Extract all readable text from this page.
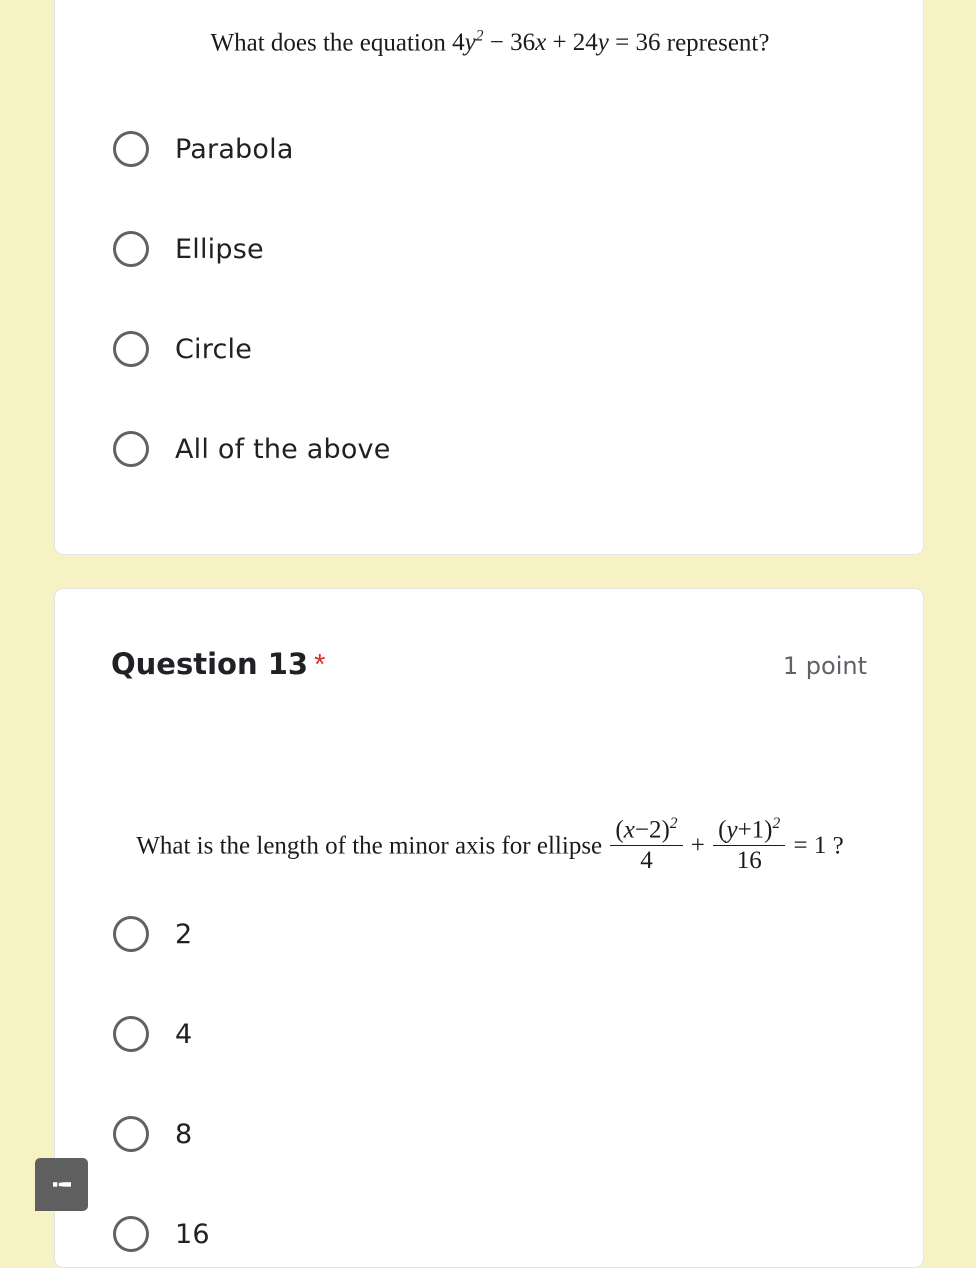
What does the equation $4y^2 - 36x + 24y = 36$ represent?
Parabola
Ellipse
Circle
All of the above
Question 13 *	1 point
What is the length of the minor axis for ellipse $\frac{(x-2)^2}{4} + \frac{(y+1)^2}{16} = 1$ ?
2
4
8
16
!
